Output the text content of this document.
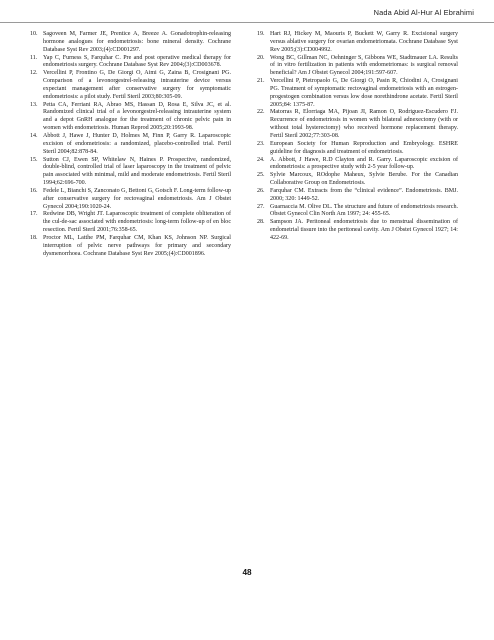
Nada Abid Al-Hur Al Ebrahimi

10. Sagoveen M, Farmer JE, Prentice A, Breeze A. Gonadotrophin-releasing hormone analogues for endometriosis: bone mineral density. Cochrane Database Syst Rev 2003;(4):CD001297.

11. Yap C, Furness S, Farquhar C. Pre and post operative medical therapy for endometriosis surgery. Cochrane Database Syst Rev 2004;(3):CD003678.

12. Vercellini P, Frontino G, De Giorgi O, Aimi G, Zaina B, Crosignani PG. Comparison of a levonorgestrel-releasing intrauterine device versus expectant management after conservative surgery for symptomatic endometriosis: a pilot study. Fertil Steril 2003;80:305-09.

13. Petta CA, Ferriani RA, Abrao MS, Hassan D, Rosa E, Silva JC, et al. Randomized clinical trial of a levonorgestrel-releasing intrauterine system and a depot GnRH analogue for the treatment of chronic pelvic pain in women with endometriosis. Human Reprod 2005;20:1993-98.

14. Abbott J, Hawe J, Hunter D, Holmes M, Finn P, Garry R. Laparoscopic excision of endometriosis: a randomized, placebo-controlled trial. Fertil Steril 2004;82:878-84.

15. Sutton CJ, Ewen SP, Whitelaw N, Haines P. Prospective, randomized, double-blind, controlled trial of laser laparoscopy in the treatment of pelvic pain associated with minimal, mild and moderate endometriosis. Fertil Steril 1994;62:696-700.

16. Fedele L, Bianchi S, Zanconato G, Bettoni G, Gotsch F. Long-term follow-up after conservative surgery for rectovaginal endometriosis. Am J Obstet Gynecol 2004;190:1020-24.

17. Redwine DB, Wright JT. Laparoscopic treatment of complete obliteration of the cul-de-sac associated with endometriosis: long-term follow-up of en bloc resection. Fertil Steril 2001;76:358-65.

18. Proctor ML, Latthe PM, Farquhar CM, Khan KS, Johnson NP. Surgical interruption of pelvic nerve pathways for primary and secondary dysmenorrhoea. Cochrane Database Syst Rev 2005;(4):CD001896.

19. Hart RJ, Hickey M, Maouris P, Buckett W, Garry R. Excisional surgery versus ablative surgery for ovarian endometriomata. Cochrane Database Syst Rev 2005;(3):CD004992.

20. Wong BC, Gillman NC, Oehninger S, Gibbons WE, Stadtmauer LA. Results of in vitro fertilization in patients with endometriomas: is surgical removal beneficial? Am J Obstet Gynecol 2004;191:597-607.

21. Vercellini P, Pietropaolo G, De Giorgi O, Pasin R, Chiodini A, Crosignani PG. Treatment of symptomatic rectovaginal endometriosis with an estrogen-progestogen combination versus low dose norethindrone acetate. Fertil Steril 2005;84: 1375-87.

22. Matorras R, Elorriaga MA, Pijoan JI, Ramon O, Rodriguez-Escudero FJ. Recurrence of endometriosis in women with bilateral adnexectomy (with or without total hysterectomy) who received hormone replacement therapy. Fertil Steril 2002;77:303-08.

23. European Society for Human Reproduction and Embryology. ESHRE guideline for diagnosis and treatment of endometriosis.

24. A. Abbott, J Hawe, R.D Clayton and R. Garry. Laparoscopic excision of endometriosis: a prospective study with 2-5 year follow-up.

25. Sylvie Marcoux, ROdophe Maheux, Sylvie Berube. For the Canadian Collaborative Group on Endometriosis.

26. Farquhar CM. Extracts from the “clinical evidence”. Endometriosis. BMJ. 2000; 320: 1449-52.

27. Guarnaccia M. Olive DL. The structure and future of endometriosis research. Obstet Gynecol Clin North Am 1997; 24: 455-65.

28. Sampson JA. Peritoneal endometriosis due to menstrual dissemination of endometrial tissure into the peritoneal cavity. Am J Obstet Gynecol 1927; 14: 422-69.

48
